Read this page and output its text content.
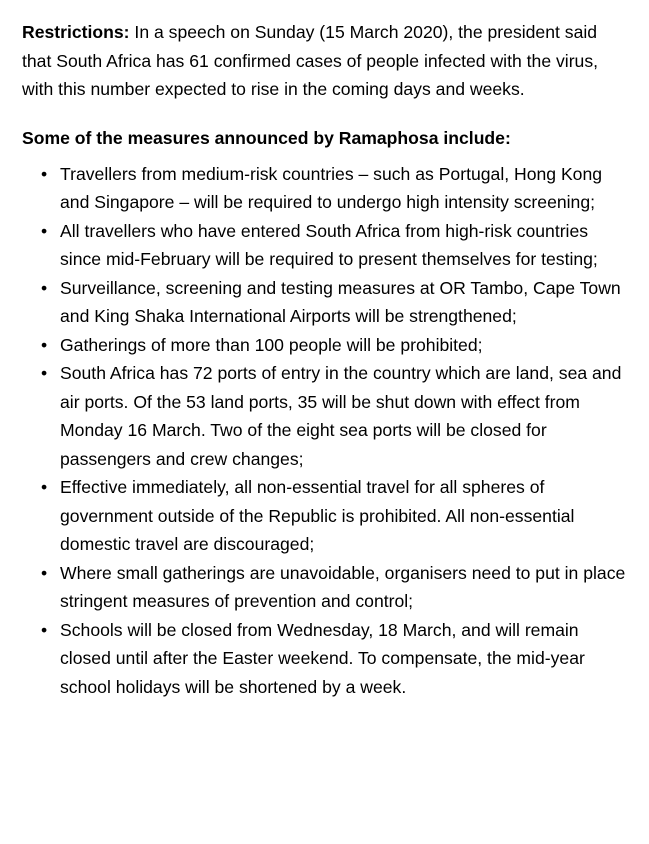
Restrictions: In a speech on Sunday (15 March 2020), the president said that South Africa has 61 confirmed cases of people infected with the virus, with this number expected to rise in the coming days and weeks.

Some of the measures announced by Ramaphosa include:
• Travellers from medium-risk countries – such as Portugal, Hong Kong and Singapore – will be required to undergo high intensity screening;
• All travellers who have entered South Africa from high-risk countries since mid-February will be required to present themselves for testing;
• Surveillance, screening and testing measures at OR Tambo, Cape Town and King Shaka International Airports will be strengthened;
• Gatherings of more than 100 people will be prohibited;
• South Africa has 72 ports of entry in the country which are land, sea and air ports. Of the 53 land ports, 35 will be shut down with effect from Monday 16 March. Two of the eight sea ports will be closed for passengers and crew changes;
• Effective immediately, all non-essential travel for all spheres of government outside of the Republic is prohibited. All non-essential domestic travel are discouraged;
• Where small gatherings are unavoidable, organisers need to put in place stringent measures of prevention and control;
• Schools will be closed from Wednesday, 18 March, and will remain closed until after the Easter weekend. To compensate, the mid-year school holidays will be shortened by a week.
